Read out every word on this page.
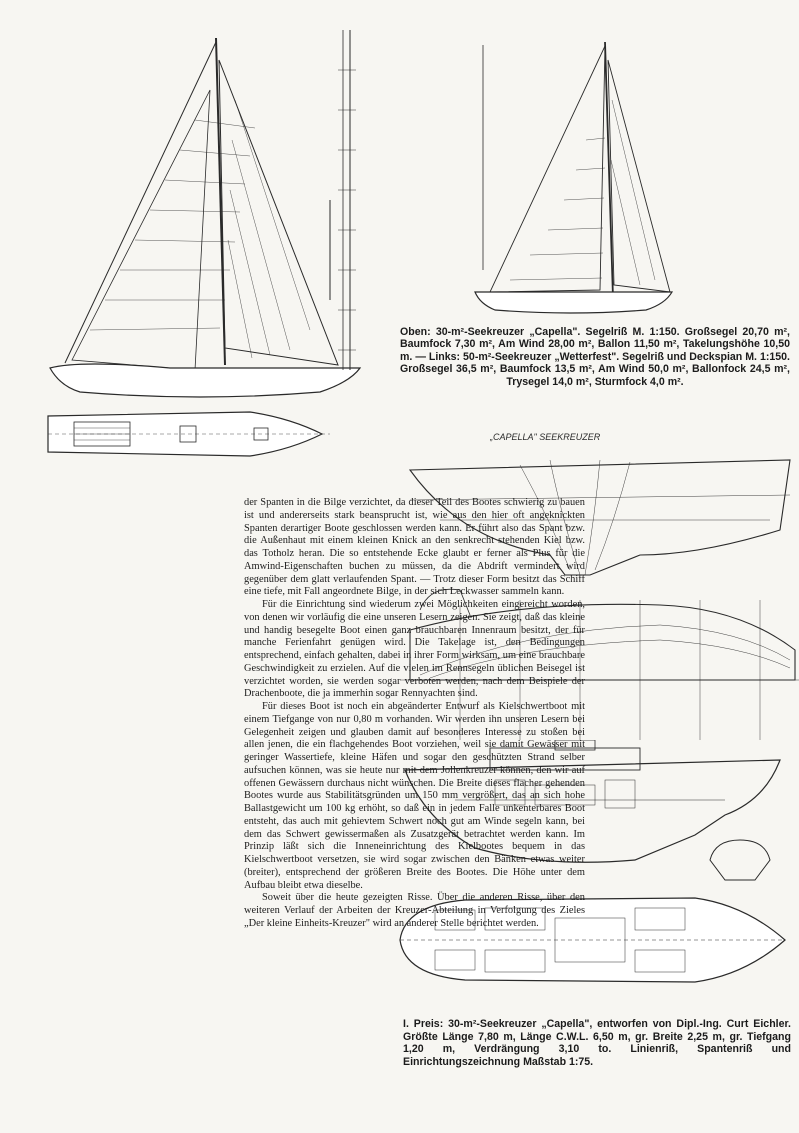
Oben: 30-m²-Seekreuzer „Capella". Segelriß M. 1:150. Großsegel 20,70 m², Baumfock 7,30 m², Am Wind 28,00 m², Ballon 11,50 m², Takelungshöhe 10,50 m. — Links: 50-m²-Seekreuzer „Wetterfest". Segelriß und Deckspian M. 1:150. Großsegel 36,5 m², Baumfock 13,5 m², Am Wind 50,0 m², Ballonfock 24,5 m², Trysegel 14,0 m², Sturmfock 4,0 m².

„CAPELLA" SEEKREUZER

der Spanten in die Bilge verzichtet, da dieser Teil des Bootes schwierig zu bauen ist und andererseits stark beansprucht ist, wie aus den hier oft angeknickten Spanten derartiger Boote geschlossen werden kann. Er führt also das Spant bzw. die Außenhaut mit einem kleinen Knick an den senkrecht stehenden Kiel bzw. das Totholz heran. Die so entstehende Ecke glaubt er ferner als Plus für die Amwind-Eigenschaften buchen zu müssen, da die Abdrift vermindert wird gegenüber dem glatt verlaufenden Spant. — Trotz dieser Form besitzt das Schiff eine tiefe, mit Fall angeordnete Bilge, in der sich Leckwasser sammeln kann.

Für die Einrichtung sind wiederum zwei Möglichkeiten eingereicht worden, von denen wir vorläufig die eine unseren Lesern zeigen. Sie zeigt, daß das kleine und handig besegelte Boot einen ganz brauchbaren Innenraum besitzt, der für manche Ferienfahrt genügen wird. Die Takelage ist, den Bedingungen entsprechend, einfach gehalten, dabei in ihrer Form wirksam, um eine brauchbare Geschwindigkeit zu erzielen. Auf die vielen im Rennsegeln üblichen Beisegel ist verzichtet worden, sie werden sogar verboten werden, nach dem Beispiele der Drachenboote, die ja immerhin sogar Rennyachten sind.

Für dieses Boot ist noch ein abgeänderter Entwurf als Kielschwertboot mit einem Tiefgange von nur 0,80 m vorhanden. Wir werden ihn unseren Lesern bei Gelegenheit zeigen und glauben damit auf besonderes Interesse zu stoßen bei allen jenen, die ein flachgehendes Boot vorziehen, weil sie damit Gewässer mit geringer Wassertiefe, kleine Häfen und sogar den geschützten Strand selber aufsuchen können, was sie heute nur mit dem Jollenkreuzer können, den wir auf offenen Gewässern durchaus nicht wünschen. Die Breite dieses flacher gehenden Bootes wurde aus Stabilitätsgründen um 150 mm vergrößert, das an sich hohe Ballastgewicht um 100 kg erhöht, so daß ein in jedem Falle unkenterbares Boot entsteht, das auch mit gehievtem Schwert noch gut am Winde segeln kann, bei dem das Schwert gewissermaßen als Zusatzgerät betrachtet werden kann. Im Prinzip läßt sich die Inneneinrichtung des Kielbootes bequem in das Kielschwertboot versetzen, sie wird sogar zwischen den Bänken etwas weiter (breiter), entsprechend der größeren Breite des Bootes. Die Höhe unter dem Aufbau bleibt etwa dieselbe.

Soweit über die heute gezeigten Risse. Über die anderen Risse, über den weiteren Verlauf der Arbeiten der Kreuzer-Abteilung in Verfolgung des Zieles „Der kleine Einheits-Kreuzer" wird an anderer Stelle berichtet werden.

I. Preis: 30-m²-Seekreuzer „Capella", entworfen von Dipl.-Ing. Curt Eichler. Größte Länge 7,80 m, Länge C.W.L. 6,50 m, gr. Breite 2,25 m, gr. Tiefgang 1,20 m, Verdrängung 3,10 to. Linienriß, Spantenriß und Einrichtungszeichnung Maßstab 1:75.
